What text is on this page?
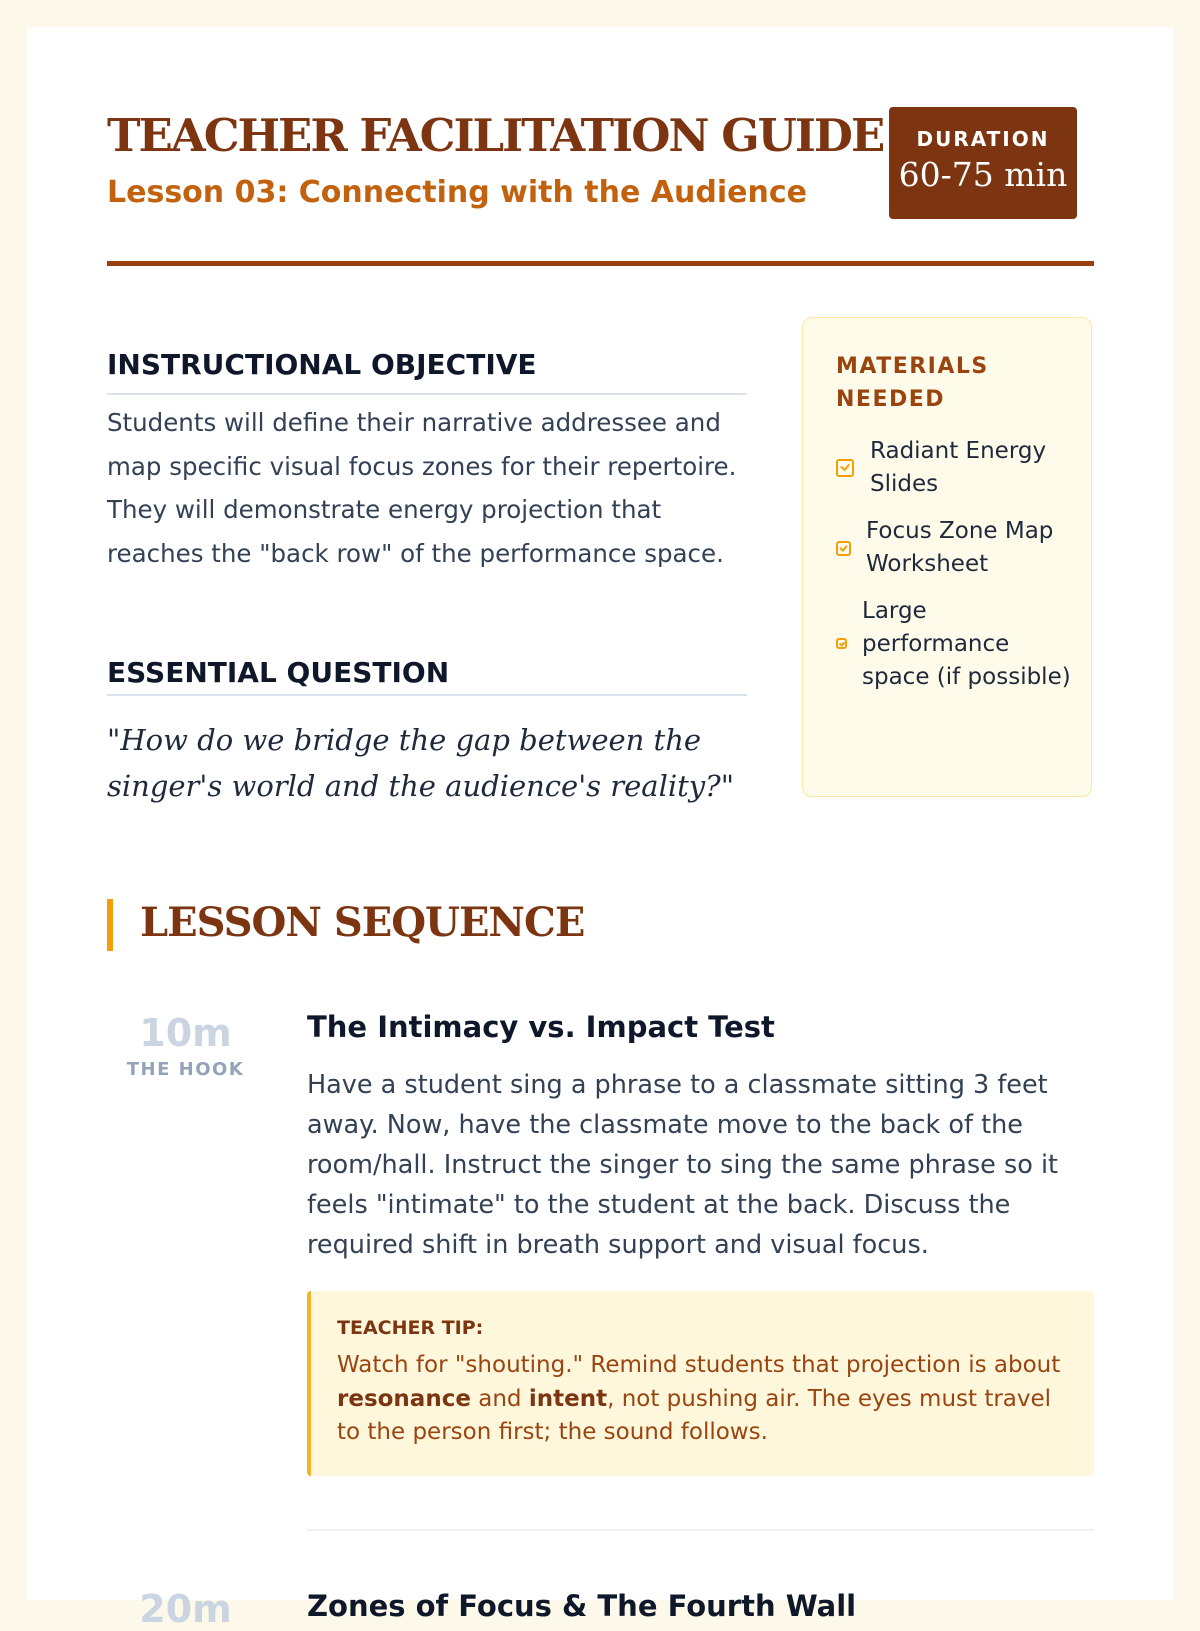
TEACHER FACILITATION GUIDE
Lesson 03: Connecting with the Audience
DURATION
60-75 min
INSTRUCTIONAL OBJECTIVE

Students will define their narrative addressee and map specific visual focus zones for their repertoire. They will demonstrate energy projection that reaches the "back row" of the performance space.

ESSENTIAL QUESTION

"How do we bridge the gap between the singer's world and the audience's reality?"

MATERIALS NEEDED

Radiant Energy Slides

Focus Zone Map Worksheet

Large performance space (if possible)

LESSON SEQUENCE
10m
THE HOOK
The Intimacy vs. Impact Test

Have a student sing a phrase to a classmate sitting 3 feet away. Now, have the classmate move to the back of the room/hall. Instruct the singer to sing the same phrase so it feels "intimate" to the student at the back. Discuss the required shift in breath support and visual focus.

TEACHER TIP:

Watch for "shouting." Remind students that projection is about resonance and intent, not pushing air. The eyes must travel to the person first; the sound follows.

20m	Zones of Focus & The Fourth Wall
